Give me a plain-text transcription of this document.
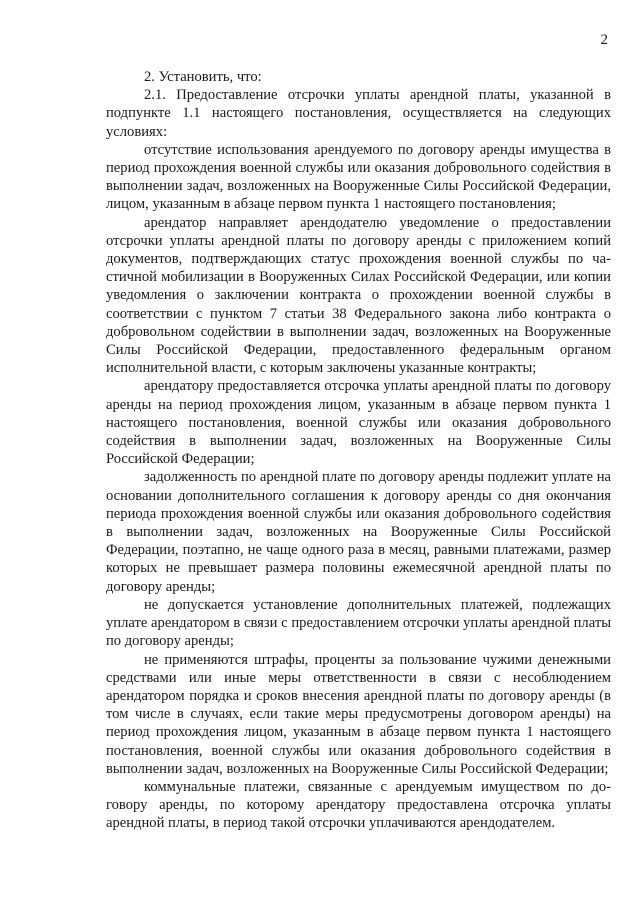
2

2. Установить, что:

2.1. Предоставление отсрочки уплаты арендной платы, указанной в подпункте 1.1 настоящего постановления, осуществляется на следующих условиях:

отсутствие использования арендуемого по договору аренды имущества в период прохождения военной службы или оказания добровольного содействия в выполнении задач, возложенных на Вооруженные Силы Российской Федерации, лицом, указанным в абзаце первом пункта 1 настоящего постановления;

арендатор направляет арендодателю уведомление о предоставлении отсрочки уплаты арендной платы по договору аренды с приложением копий документов, подтверждающих статус прохождения военной службы по частичной мобилизации в Вооруженных Силах Российской Федерации, или копии уведомления о заключении контракта о прохождении военной службы в соответствии с пунктом 7 статьи 38 Федерального закона либо контракта о добровольном содействии в выполнении задач, возложенных на Вооруженные Силы Российской Федерации, предоставленного федеральным органом исполнительной власти, с которым заключены указанные контракты;

арендатору предоставляется отсрочка уплаты арендной платы по договору аренды на период прохождения лицом, указанным в абзаце первом пункта 1 настоящего постановления, военной службы или оказания добровольного содействия в выполнении задач, возложенных на Вооруженные Силы Российской Федерации;

задолженность по арендной плате по договору аренды подлежит уплате на основании дополнительного соглашения к договору аренды со дня окончания периода прохождения военной службы или оказания добровольного содействия в выполнении задач, возложенных на Вооруженные Силы Российской Федерации, поэтапно, не чаще одного раза в месяц, равными платежами, размер которых не превышает размера половины ежемесячной арендной платы по договору аренды;

не допускается установление дополнительных платежей, подлежащих уплате арендатором в связи с предоставлением отсрочки уплаты арендной платы по договору аренды;

не применяются штрафы, проценты за пользование чужими денежными средствами или иные меры ответственности в связи с несоблюдением арендатором порядка и сроков внесения арендной платы по договору аренды (в том числе в случаях, если такие меры предусмотрены договором аренды) на период прохождения лицом, указанным в абзаце первом пункта 1 настоящего постановления, военной службы или оказания добровольного содействия в выполнении задач, возложенных на Вооруженные Силы Российской Федерации;

коммунальные платежи, связанные с арендуемым имуществом по договору аренды, по которому арендатору предоставлена отсрочка уплаты арендной платы, в период такой отсрочки уплачиваются арендодателем.
